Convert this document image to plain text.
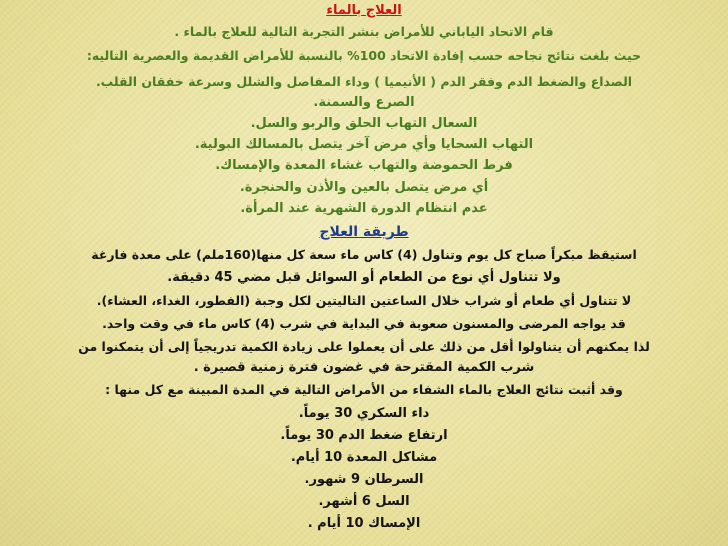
العلاج بالماء
قام الاتحاد الياباني للأمراض بنشر التجربة التالية للعلاج بالماء .
حيث بلغت نتائج نجاحه حسب إفادة الاتحاد 100% بالنسبة للأمراض القديمة والعصرية التاليه:
الصداع والضغط الدم وفقر الدم ( الأنيميا ) وداء المفاصل والشلل وسرعة خفقان القلب.
الصرع والسمنة.
السعال التهاب الحلق والربو والسل.
التهاب السحايا وأي مرض آخر يتصل بالمسالك البولية.
فرط الحموضة والتهاب غشاء المعدة والإمساك.
أي مرض يتصل بالعين والأذن والحنجرة.
عدم انتظام الدورة الشهرية عند المرأة.
طريقة العلاج
استيقظ مبكراً صباح كل يوم وتناول (4) كاس ماء سعة كل منها(160ملم) على معدة فارغة
ولا تتناول أي نوع من الطعام أو السوائل قبل مضي 45 دقيقة.
لا تتناول أي طعام أو شراب خلال الساعتين التاليتين لكل وجبة (الفطور، الغداء، العشاء).
قد يواجه المرضى والمسنون صعوبة في البداية في شرب (4) كاس ماء في وقت واحد.
لذا يمكنهم أن يتناولوا أقل من ذلك على أن يعملوا على زيادة الكمية تدريجياً إلى أن يتمكنوا من
شرب الكمية المقترحة في غضون فترة زمنية قصيرة .
وقد أثبت نتائج العلاج بالماء الشفاء من الأمراض التالية في المدة المبينة مع كل منها :
داء السكري 30 يوماً.
ارتفاع ضغط الدم 30 يوماً.
مشاكل المعدة 10 أيام.
السرطان 9 شهور.
السل 6 أشهر.
الإمساك 10 أيام .
